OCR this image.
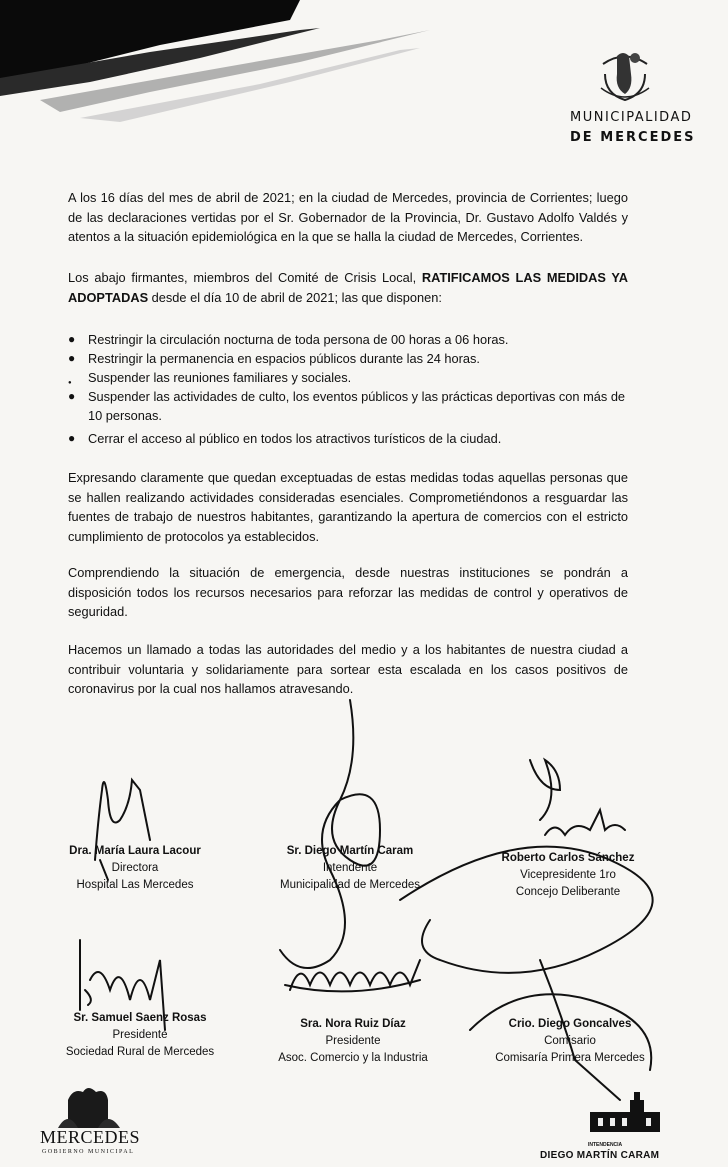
MUNICIPALIDAD
DE MERCEDES
A los 16 días del mes de abril de 2021; en la ciudad de Mercedes, provincia de Corrientes; luego de las declaraciones vertidas por el Sr. Gobernador de la Provincia, Dr. Gustavo Adolfo Valdés y atentos a la situación epidemiológica en la que se halla la ciudad de Mercedes, Corrientes.
Los abajo firmantes, miembros del Comité de Crisis Local, RATIFICAMOS LAS MEDIDAS YA ADOPTADAS desde el día 10 de abril de 2021; las que disponen:
● Restringir la circulación nocturna de toda persona de 00 horas a 06 horas.
● Restringir la permanencia en espacios públicos durante las 24 horas.
● Suspender las reuniones familiares y sociales.
● Suspender las actividades de culto, los eventos públicos y las prácticas deportivas con más de 10 personas.
● Cerrar el acceso al público en todos los atractivos turísticos de la ciudad.
Expresando claramente que quedan exceptuadas de estas medidas todas aquellas personas que se hallen realizando actividades consideradas esenciales. Comprometiéndonos a resguardar las fuentes de trabajo de nuestros habitantes, garantizando la apertura de comercios con el estricto cumplimiento de protocolos ya establecidos.
Comprendiendo la situación de emergencia, desde nuestras instituciones se pondrán a disposición todos los recursos necesarios para reforzar las medidas de control y operativos de seguridad.
Hacemos un llamado a todas las autoridades del medio y a los habitantes de nuestra ciudad a contribuir voluntaria y solidariamente para sortear esta escalada en los casos positivos de coronavirus por la cual nos hallamos atravesando.
Dra. María Laura Lacour
Directora
Hospital Las Mercedes
Sr. Diego Martín Caram
Intendente
Municipalidad de Mercedes
Roberto Carlos Sánchez
Vicepresidente 1ro
Concejo Deliberante
Sr. Samuel Saenz Rosas
Presidente
Sociedad Rural de Mercedes
Sra. Nora Ruiz Díaz
Presidente
Asoc. Comercio y la Industria
Crio. Diego Goncalves
Comisario
Comisaría Primera Mercedes
MERCEDES
GOBIERNO MUNICIPAL
INTENDENCIA
DIEGO MARTÍN CARAM
